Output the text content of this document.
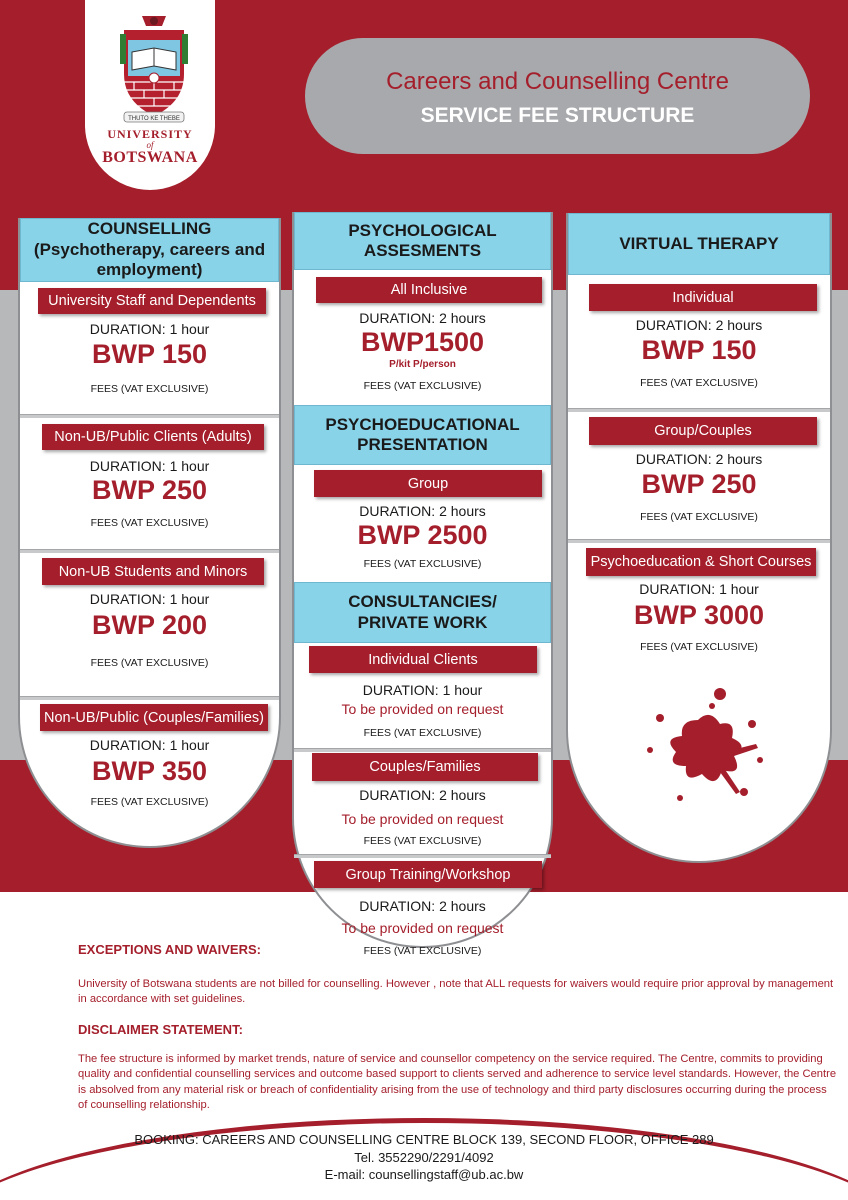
THUTO KE THEBE
UNIVERSITY
of
BOTSWANA
Careers and Counselling Centre
SERVICE FEE STRUCTURE
COUNSELLING (Psychotherapy, careers and employment)
University Staff and Dependents
DURATION: 1 hour
BWP 150
FEES (VAT EXCLUSIVE)
Non-UB/Public Clients (Adults)
DURATION: 1 hour
BWP 250
FEES (VAT EXCLUSIVE)
Non-UB Students and Minors
DURATION: 1 hour
BWP 200
FEES (VAT EXCLUSIVE)
Non-UB/Public (Couples/Families)
DURATION: 1 hour
BWP 350
FEES (VAT EXCLUSIVE)
PSYCHOLOGICAL ASSESMENTS
All Inclusive
DURATION: 2 hours
BWP1500
P/kit P/person
FEES (VAT EXCLUSIVE)
PSYCHOEDUCATIONAL PRESENTATION
Group
DURATION: 2 hours
BWP 2500
FEES (VAT EXCLUSIVE)
CONSULTANCIES/ PRIVATE WORK
Individual Clients
DURATION: 1 hour
To be provided on request
FEES (VAT EXCLUSIVE)
Couples/Families
DURATION: 2 hours
To be provided on request
FEES (VAT EXCLUSIVE)
Group Training/Workshop
DURATION: 2 hours
To be provided on request
FEES (VAT EXCLUSIVE)
VIRTUAL THERAPY
Individual
DURATION: 2 hours
BWP 150
FEES (VAT EXCLUSIVE)
Group/Couples
DURATION: 2 hours
BWP 250
FEES (VAT EXCLUSIVE)
Psychoeducation & Short Courses
DURATION: 1 hour
BWP 3000
FEES (VAT EXCLUSIVE)
EXCEPTIONS AND WAIVERS:
University of Botswana students are not billed for counselling. However , note that ALL requests for waivers would require prior approval by management in accordance with set guidelines.
DISCLAIMER STATEMENT:
The fee structure is informed by market trends, nature of service and counsellor competency on the service required. The Centre, commits to providing quality and confidential counselling services and outcome based support to clients served and adherence to service level standards. However, the Centre is absolved from any material risk or breach of confidentiality arising from the use of technology and third party disclosures occurring during the process of counselling relationship.
BOOKING: CAREERS AND COUNSELLING CENTRE BLOCK 139, SECOND FLOOR, OFFICE 289
Tel. 3552290/2291/4092
E-mail: counsellingstaff@ub.ac.bw
